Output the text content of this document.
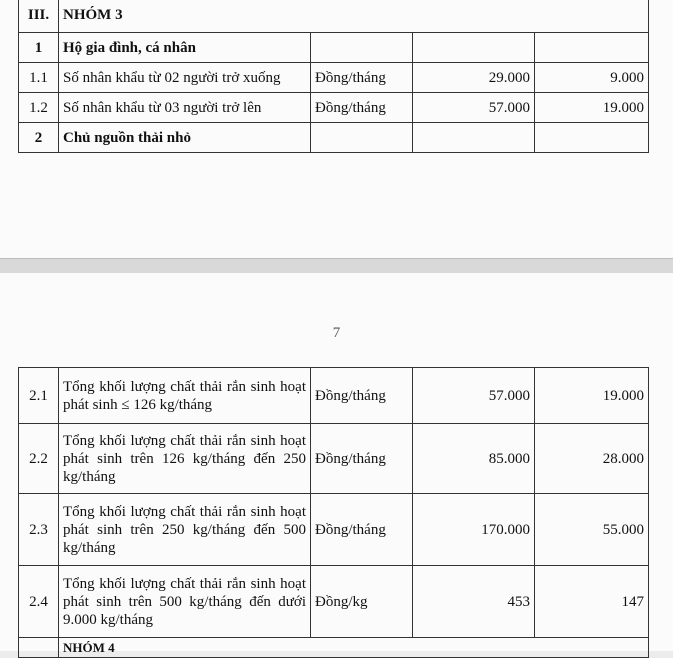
III.	NHÓM 3			
1	Hộ gia đình, cá nhân			
1.1	Số nhân khẩu từ 02 người trở xuống	Đồng/tháng	29.000	9.000
1.2	Số nhân khẩu từ 03 người trở lên	Đồng/tháng	57.000	19.000
2	Chủ nguồn thải nhỏ			
7
2.1	Tổng khối lượng chất thải rắn sinh hoạt phát sinh ≤ 126 kg/tháng	Đồng/tháng	57.000	19.000
2.2	Tổng khối lượng chất thải rắn sinh hoạt phát sinh trên 126 kg/tháng đến 250 kg/tháng	Đồng/tháng	85.000	28.000
2.3	Tổng khối lượng chất thải rắn sinh hoạt phát sinh trên 250 kg/tháng đến 500 kg/tháng	Đồng/tháng	170.000	55.000
2.4	Tổng khối lượng chất thải rắn sinh hoạt phát sinh trên 500 kg/tháng đến dưới 9.000 kg/tháng	Đồng/kg	453	147
	NHÓM 4			
